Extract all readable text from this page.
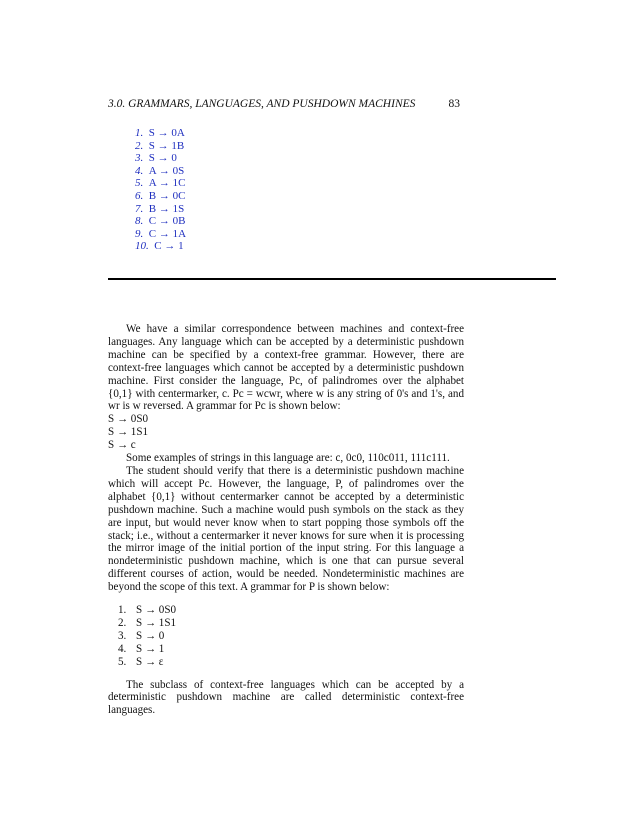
3.0. GRAMMARS, LANGUAGES, AND PUSHDOWN MACHINES	83
1. S → 0A
2. S → 1B
3. S → 0
4. A → 0S
5. A → 1C
6. B → 0C
7. B → 1S
8. C → 0B
9. C → 1A
10. C → 1

We have a similar correspondence between machines and context-free languages. Any language which can be accepted by a deterministic pushdown machine can be specified by a context-free grammar. However, there are context-free languages which cannot be accepted by a deterministic pushdown machine. First consider the language, Pc, of palindromes over the alphabet {0,1} with centermarker, c. Pc = wcwr, where w is any string of 0's and 1's, and wr is w reversed. A grammar for Pc is shown below:

S → 0S0
S → 1S1
S → c

Some examples of strings in this language are: c, 0c0, 110c011, 111c111.

The student should verify that there is a deterministic pushdown machine which will accept Pc. However, the language, P, of palindromes over the alphabet {0,1} without centermarker cannot be accepted by a deterministic pushdown machine. Such a machine would push symbols on the stack as they are input, but would never know when to start popping those symbols off the stack; i.e., without a centermarker it never knows for sure when it is processing the mirror image of the initial portion of the input string. For this language a nondeterministic pushdown machine, which is one that can pursue several different courses of action, would be needed. Nondeterministic machines are beyond the scope of this text. A grammar for P is shown below:

1. S → 0S0
2. S → 1S1
3. S → 0
4. S → 1
5. S → ε

The subclass of context-free languages which can be accepted by a deterministic pushdown machine are called deterministic context-free languages.
